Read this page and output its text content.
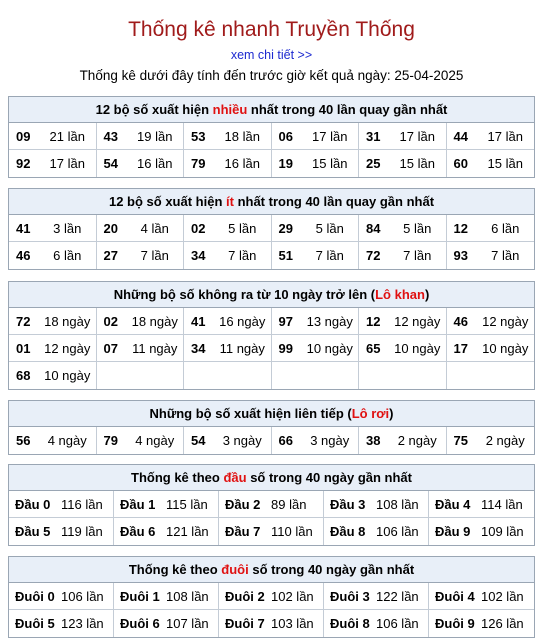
Thống kê nhanh Truyền Thống
xem chi tiết >>
Thống kê dưới đây tính đến trước giờ kết quả ngày: 25-04-2025
12 bộ số xuất hiện nhiều nhất trong 40 lần quay gần nhất
09	21 lần	43	19 lần	53	18 lần	06	17 lần	31	17 lần	44	17 lần
92	17 lần	54	16 lần	79	16 lần	19	15 lần	25	15 lần	60	15 lần
12 bộ số xuất hiện ít nhất trong 40 lần quay gần nhất
41	3 lần	20	4 lần	02	5 lần	29	5 lần	84	5 lần	12	6 lần
46	6 lần	27	7 lần	34	7 lần	51	7 lần	72	7 lần	93	7 lần
Những bộ số không ra từ 10 ngày trở lên (Lô khan)
72	18 ngày	02	18 ngày	41	16 ngày	97	13 ngày	12	12 ngày	46	12 ngày
01	12 ngày	07	11 ngày	34	11 ngày	99	10 ngày	65	10 ngày	17	10 ngày
68	10 ngày
Những bộ số xuất hiện liên tiếp (Lô rơi)
56	4 ngày	79	4 ngày	54	3 ngày	66	3 ngày	38	2 ngày	75	2 ngày
Thống kê theo đầu số trong 40 ngày gần nhất
Đầu 0 116 lần	Đầu 1 115 lần	Đầu 2 89 lần	Đầu 3 108 lần	Đầu 4 114 lần
Đầu 5 119 lần	Đầu 6 121 lần	Đầu 7 110 lần	Đầu 8 106 lần	Đầu 9 109 lần
Thống kê theo đuôi số trong 40 ngày gần nhất
Đuôi 0 106 lần	Đuôi 1 108 lần	Đuôi 2 102 lần	Đuôi 3 122 lần	Đuôi 4 102 lần
Đuôi 5 123 lần	Đuôi 6 107 lần	Đuôi 7 103 lần	Đuôi 8 106 lần	Đuôi 9 126 lần
